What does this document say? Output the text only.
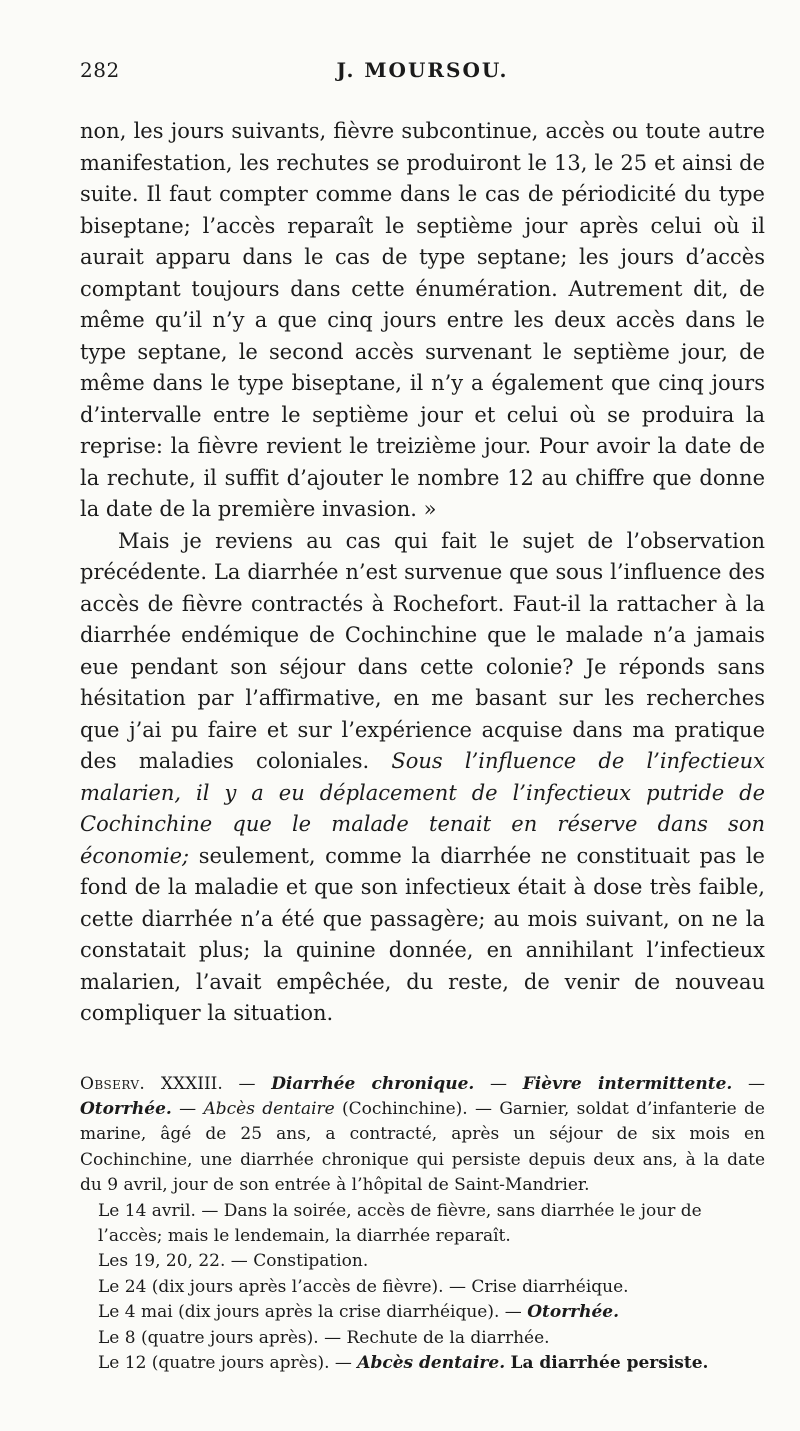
282	J. MOURSOU.

non, les jours suivants, fièvre subcontinue, accès ou toute autre manifestation, les rechutes se produiront le 13, le 25 et ainsi de suite. Il faut compter comme dans le cas de périodicité du type biseptane; l’accès reparaît le septième jour après celui où il aurait apparu dans le cas de type septane; les jours d’accès comptant toujours dans cette énumération. Autrement dit, de même qu’il n’y a que cinq jours entre les deux accès dans le type septane, le second accès survenant le septième jour, de même dans le type biseptane, il n’y a également que cinq jours d’intervalle entre le septième jour et celui où se produira la reprise: la fièvre revient le treizième jour. Pour avoir la date de la rechute, il suffit d’ajouter le nombre 12 au chiffre que donne la date de la première invasion. »

Mais je reviens au cas qui fait le sujet de l’observation précédente. La diarrhée n’est survenue que sous l’influence des accès de fièvre contractés à Rochefort. Faut-il la rattacher à la diarrhée endémique de Cochinchine que le malade n’a jamais eue pendant son séjour dans cette colonie? Je réponds sans hésitation par l’affirmative, en me basant sur les recherches que j’ai pu faire et sur l’expérience acquise dans ma pratique des maladies coloniales. Sous l’influence de l’infectieux malarien, il y a eu déplacement de l’infectieux putride de Cochinchine que le malade tenait en réserve dans son économie; seulement, comme la diarrhée ne constituait pas le fond de la maladie et que son infectieux était à dose très faible, cette diarrhée n’a été que passagère; au mois suivant, on ne la constatait plus; la quinine donnée, en annihilant l’infectieux malarien, l’avait empêchée, du reste, de venir de nouveau compliquer la situation.

Observ. XXXIII. — Diarrhée chronique. — Fièvre intermittente. — Otorrhée. — Abcès dentaire (Cochinchine). — Garnier, soldat d’infanterie de marine, âgé de 25 ans, a contracté, après un séjour de six mois en Cochinchine, une diarrhée chronique qui persiste depuis deux ans, à la date du 9 avril, jour de son entrée à l’hôpital de Saint-Mandrier.

Le 14 avril. — Dans la soirée, accès de fièvre, sans diarrhée le jour de l’accès; mais le lendemain, la diarrhée reparaît.

Les 19, 20, 22. — Constipation.

Le 24 (dix jours après l’accès de fièvre). — Crise diarrhéique.

Le 4 mai (dix jours après la crise diarrhéique). — Otorrhée.

Le 8 (quatre jours après). — Rechute de la diarrhée.

Le 12 (quatre jours après). — Abcès dentaire. La diarrhée persiste.
